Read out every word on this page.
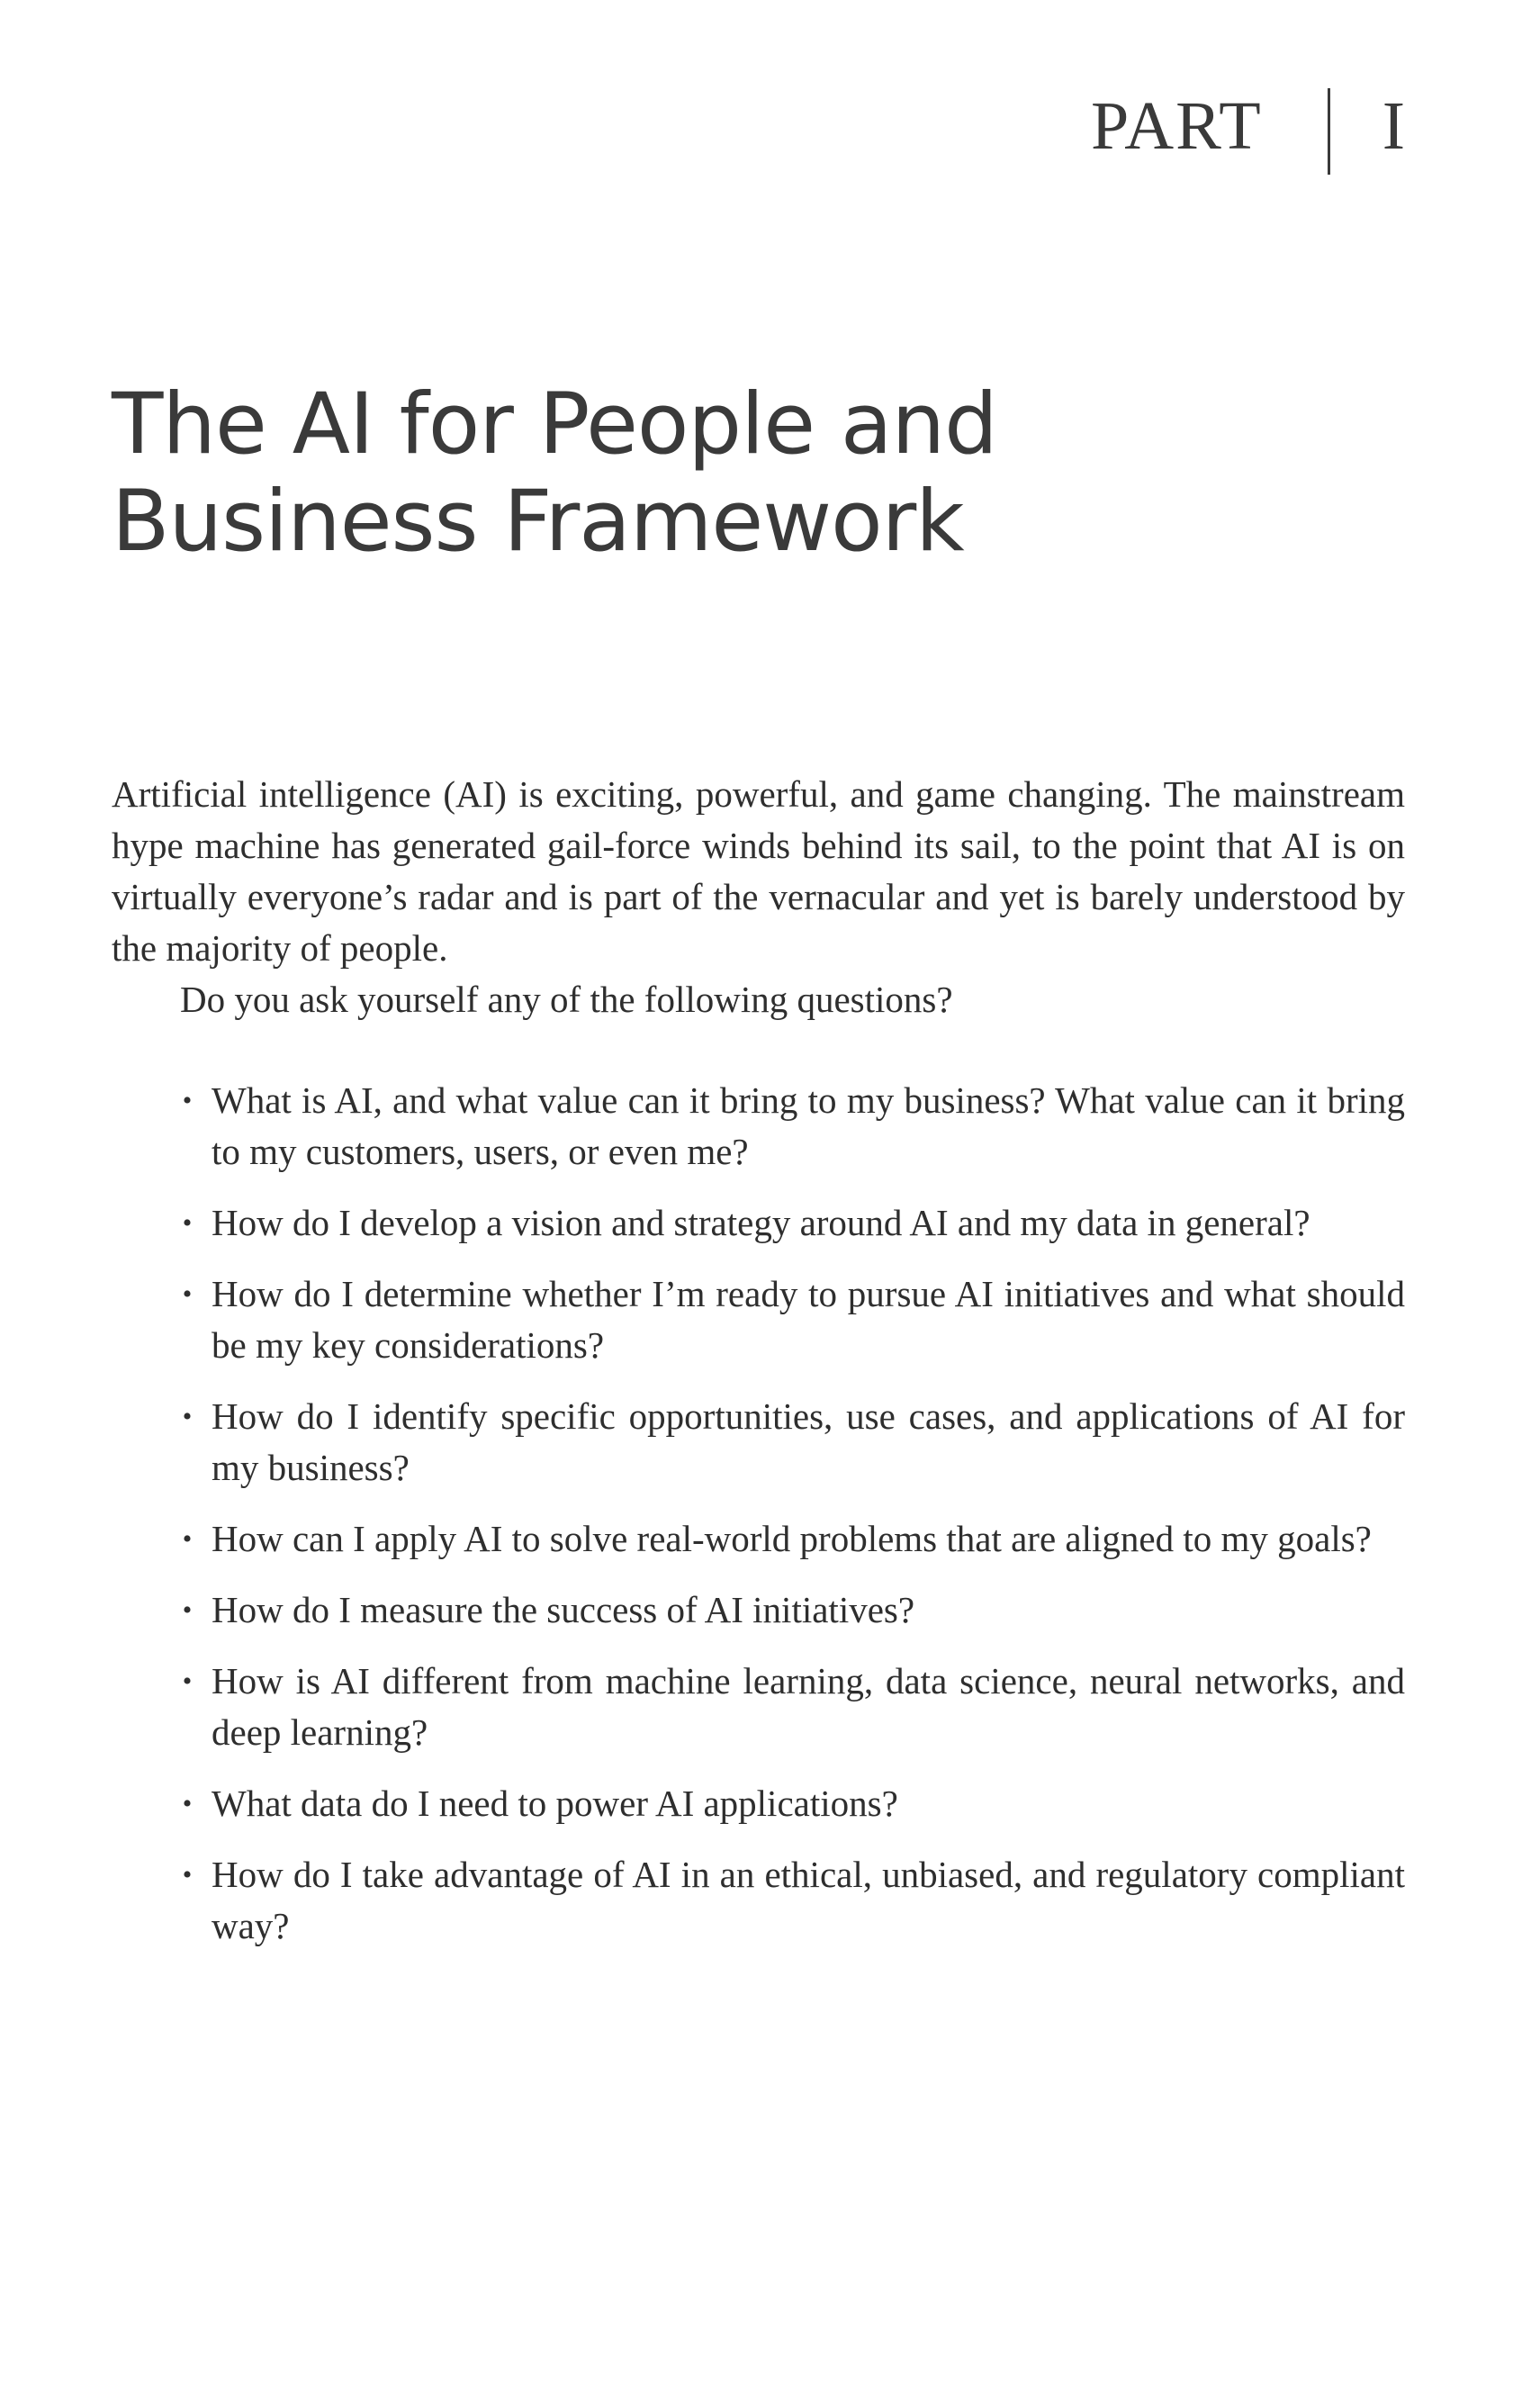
PART I
The AI for People and
Business Framework

Artificial intelligence (AI) is exciting, powerful, and game changing. The mainstream hype machine has generated gail-force winds behind its sail, to the point that AI is on virtually everyone’s radar and is part of the vernacular and yet is barely understood by the majority of people.

Do you ask yourself any of the following questions?

• What is AI, and what value can it bring to my business? What value can it bring to my customers, users, or even me?
• How do I develop a vision and strategy around AI and my data in general?
• How do I determine whether I’m ready to pursue AI initiatives and what should be my key considerations?
• How do I identify specific opportunities, use cases, and applications of AI for my business?
• How can I apply AI to solve real-world problems that are aligned to my goals?
• How do I measure the success of AI initiatives?
• How is AI different from machine learning, data science, neural networks, and deep learning?
• What data do I need to power AI applications?
• How do I take advantage of AI in an ethical, unbiased, and regulatory compliant way?
